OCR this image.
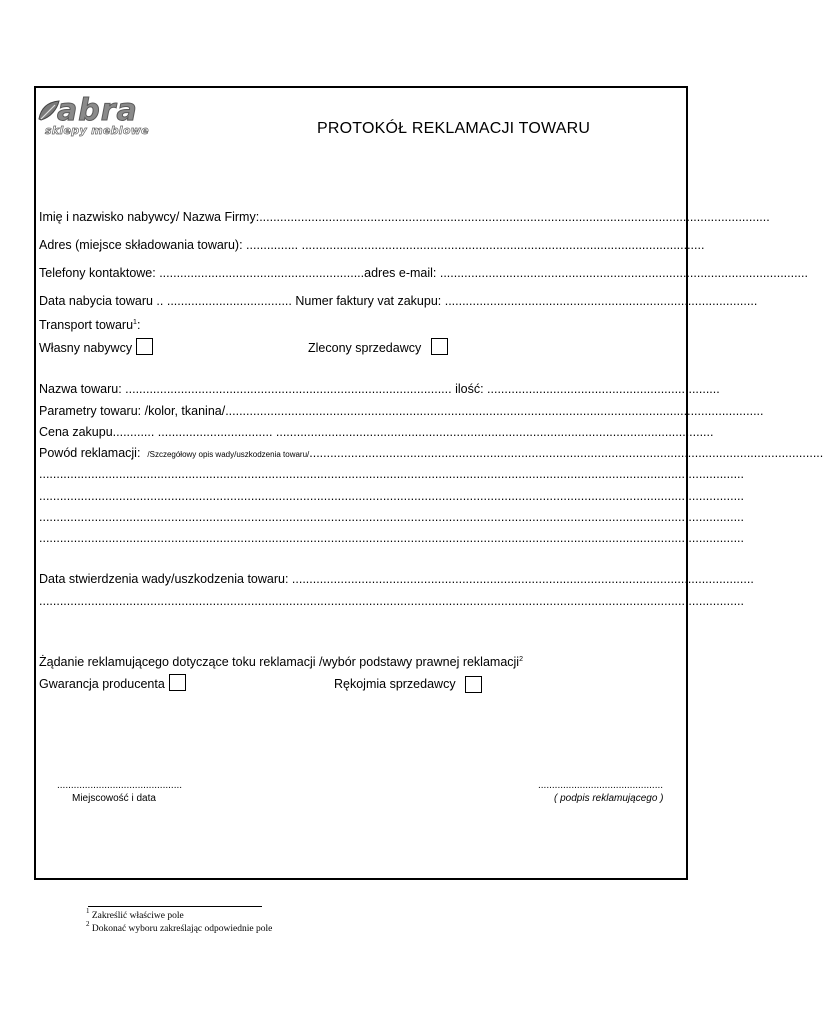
abra
sklepy meblowe	PROTOKÓŁ REKLAMACJI TOWARU
Imię i nazwisko nabywcy/ Nazwa Firmy:...................................................................................................................................................
Adres (miejsce składowania towaru): ............... ....................................................................................................................
Telefony kontaktowe: ...........................................................adres e-mail: ..........................................................................................................
Data nabycia towaru .. .................................... Numer faktury vat zakupu: ..........................................................................................
Transport towaru$^1$:
Własny nabywcy	Zlecony sprzedawcy
Nazwa towaru: .............................................................................................. ilość: ...................................................................
Parametry towaru: /kolor, tkanina/...........................................................................................................................................................
Cena zakupu............ ................................. ..............................................................................................................................
Powód reklamacji: /Szczegółowy opis wady/uszkodzenia towaru/....................................................................................................................................................
...........................................................................................................................................................................................................
...........................................................................................................................................................................................................
...........................................................................................................................................................................................................
...........................................................................................................................................................................................................
Data stwierdzenia wady/uszkodzenia towaru: .....................................................................................................................................
...........................................................................................................................................................................................................
Żądanie reklamującego dotyczące toku reklamacji /wybór podstawy prawnej reklamacji$^2$
Gwarancja producenta	Rękojmia sprzedawcy
.............................................
Miejscowość i data
.............................................
( podpis reklamującego )
$^1$ Zakreślić właściwe pole
$^2$ Dokonać wyboru zakreślając odpowiednie pole
